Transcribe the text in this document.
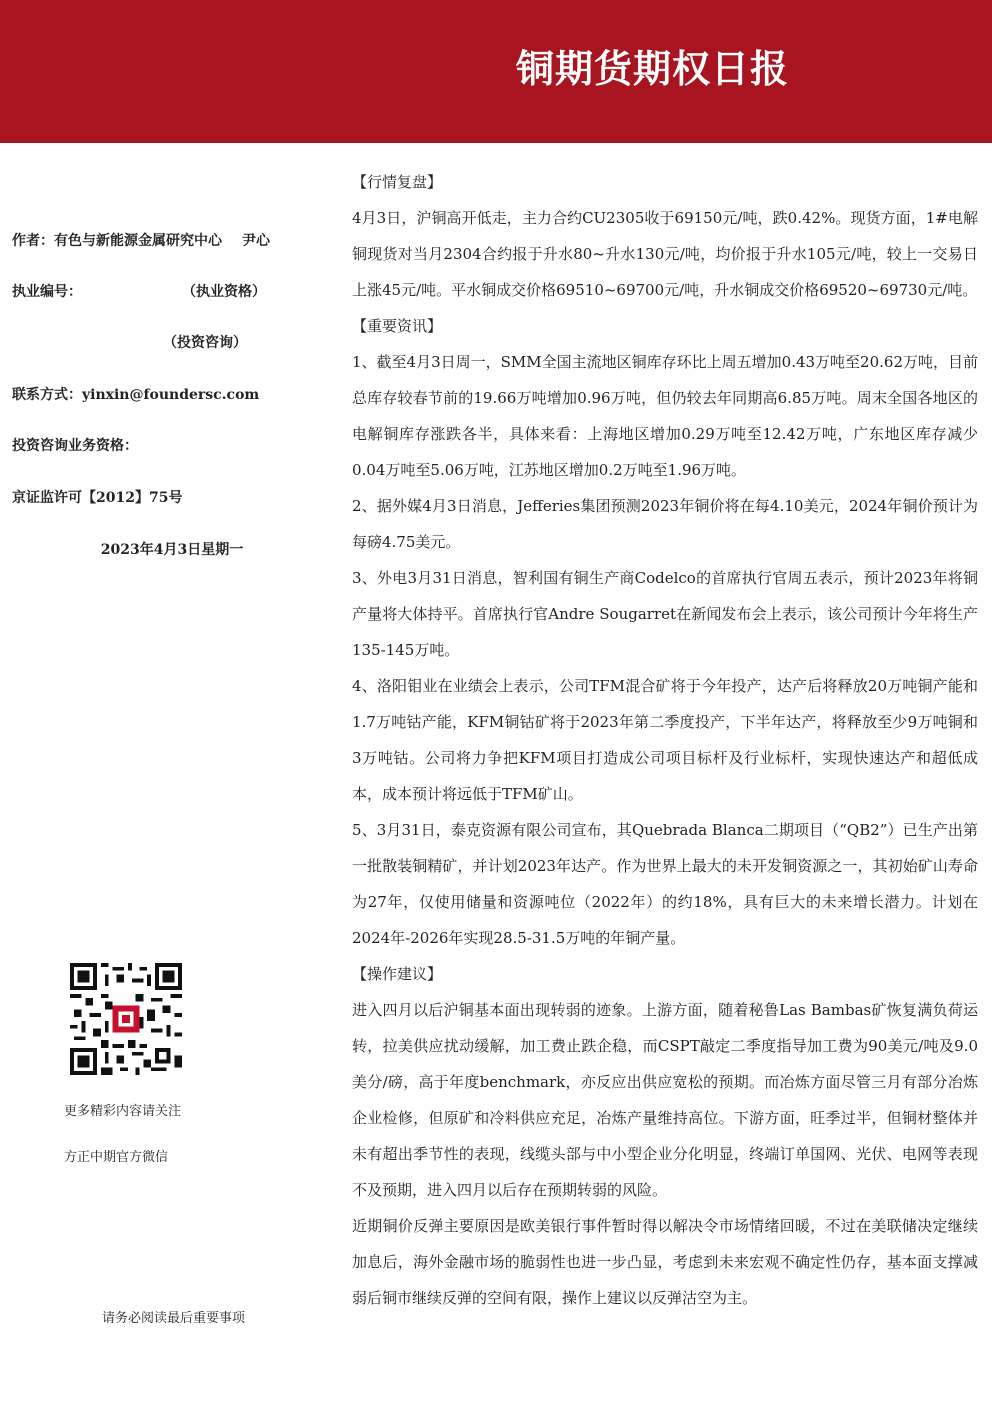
铜期货期权日报
作者：有色与新能源金属研究中心 尹心
执业编号：	（执业资格）
（投资咨询）
联系方式：yinxin@foundersc.com
投资咨询业务资格：
京证监许可【2012】75号
2023年4月3日星期一
更多精彩内容请关注
方正中期官方微信
请务必阅读最后重要事项

【行情复盘】

4月3日，沪铜高开低走，主力合约CU2305收于69150元/吨，跌0.42%。现货方面，1#电解铜现货对当月2304合约报于升水80~升水130元/吨，均价报于升水105元/吨，较上一交易日上涨45元/吨。平水铜成交价格69510~69700元/吨，升水铜成交价格69520~69730元/吨。

【重要资讯】

1、截至4月3日周一，SMM全国主流地区铜库存环比上周五增加0.43万吨至20.62万吨，目前总库存较春节前的19.66万吨增加0.96万吨，但仍较去年同期高6.85万吨。周末全国各地区的电解铜库存涨跌各半，具体来看：上海地区增加0.29万吨至12.42万吨，广东地区库存减少0.04万吨至5.06万吨，江苏地区增加0.2万吨至1.96万吨。

2、据外媒4月3日消息，Jefferies集团预测2023年铜价将在每4.10美元，2024年铜价预计为每磅4.75美元。

3、外电3月31日消息，智利国有铜生产商Codelco的首席执行官周五表示，预计2023年将铜产量将大体持平。首席执行官Andre Sougarret在新闻发布会上表示，该公司预计今年将生产135-145万吨。

4、洛阳钼业在业绩会上表示，公司TFM混合矿将于今年投产，达产后将释放20万吨铜产能和1.7万吨钴产能，KFM铜钴矿将于2023年第二季度投产，下半年达产，将释放至少9万吨铜和3万吨钴。公司将力争把KFM项目打造成公司项目标杆及行业标杆，实现快速达产和超低成本，成本预计将远低于TFM矿山。

5、3月31日，泰克资源有限公司宣布，其Quebrada Blanca二期项目（“QB2”）已生产出第一批散装铜精矿，并计划2023年达产。作为世界上最大的未开发铜资源之一，其初始矿山寿命为27年，仅使用储量和资源吨位（2022年）的约18%，具有巨大的未来增长潜力。计划在2024年-2026年实现28.5-31.5万吨的年铜产量。

【操作建议】

进入四月以后沪铜基本面出现转弱的迹象。上游方面，随着秘鲁Las Bambas矿恢复满负荷运转，拉美供应扰动缓解，加工费止跌企稳，而CSPT敲定二季度指导加工费为90美元/吨及9.0美分/磅，高于年度benchmark，亦反应出供应宽松的预期。而冶炼方面尽管三月有部分冶炼企业检修，但原矿和冷料供应充足，冶炼产量维持高位。下游方面，旺季过半，但铜材整体并未有超出季节性的表现，线缆头部与中小型企业分化明显，终端订单国网、光伏、电网等表现不及预期，进入四月以后存在预期转弱的风险。

近期铜价反弹主要原因是欧美银行事件暂时得以解决令市场情绪回暖，不过在美联储决定继续加息后，海外金融市场的脆弱性也进一步凸显，考虑到未来宏观不确定性仍存，基本面支撑减弱后铜市继续反弹的空间有限，操作上建议以反弹沽空为主。
